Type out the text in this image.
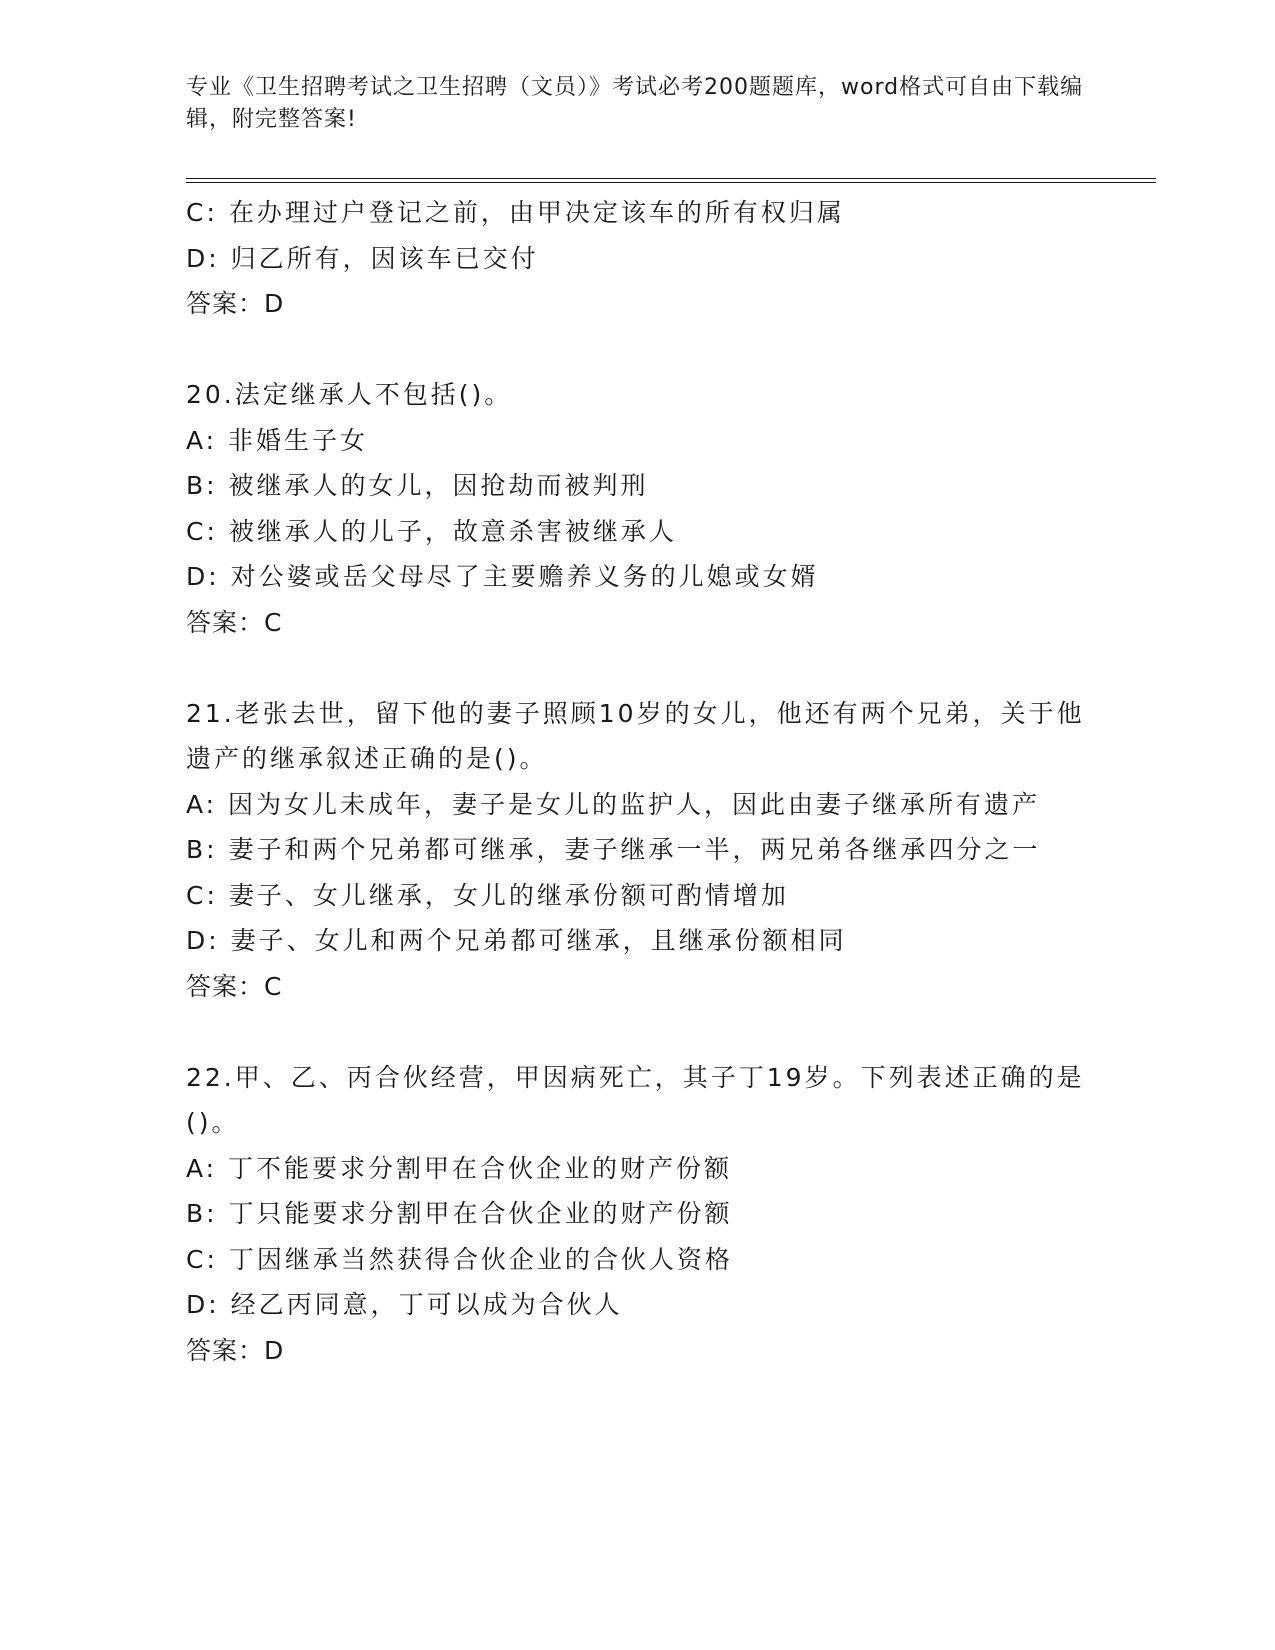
专业《卫生招聘考试之卫生招聘（文员）》考试必考200题题库，word格式可自由下载编辑，附完整答案!
C: 在办理过户登记之前，由甲决定该车的所有权归属
D: 归乙所有，因该车已交付
答案：D
20.法定继承人不包括()。
A: 非婚生子女
B: 被继承人的女儿，因抢劫而被判刑
C: 被继承人的儿子，故意杀害被继承人
D: 对公婆或岳父母尽了主要赡养义务的儿媳或女婿
答案：C
21.老张去世，留下他的妻子照顾10岁的女儿，他还有两个兄弟，关于他遗产的继承叙述正确的是()。
A: 因为女儿未成年，妻子是女儿的监护人，因此由妻子继承所有遗产
B: 妻子和两个兄弟都可继承，妻子继承一半，两兄弟各继承四分之一
C: 妻子、女儿继承，女儿的继承份额可酌情增加
D: 妻子、女儿和两个兄弟都可继承，且继承份额相同
答案：C
22.甲、乙、丙合伙经营，甲因病死亡，其子丁19岁。下列表述正确的是()。
A: 丁不能要求分割甲在合伙企业的财产份额
B: 丁只能要求分割甲在合伙企业的财产份额
C: 丁因继承当然获得合伙企业的合伙人资格
D: 经乙丙同意，丁可以成为合伙人
答案：D
